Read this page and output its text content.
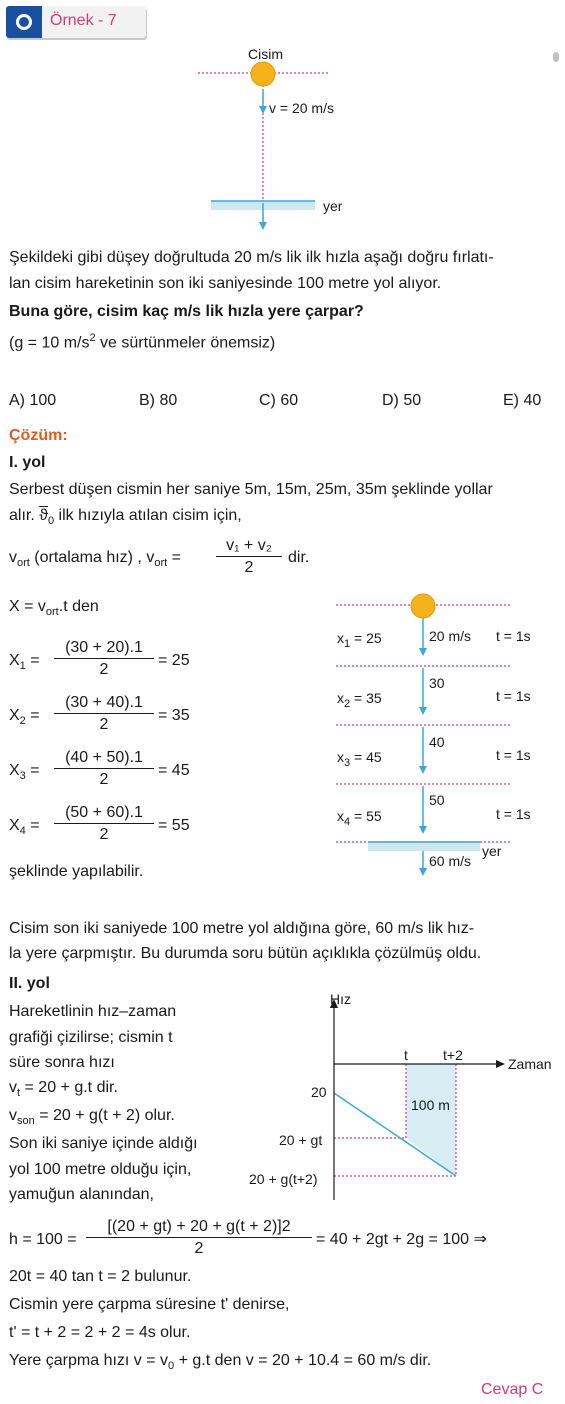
Örnek - 7
Cisim
v = 20 m/s
yer
Şekildeki gibi düşey doğrultuda 20 m/s lik ilk hızla aşağı doğru fırlatı-
lan cisim hareketinin son iki saniyesinde 100 metre yol alıyor.
Buna göre, cisim kaç m/s lik hızla yere çarpar?
(g = 10 $m/s^2$ ve sürtünmeler önemsiz)
A) 100	B) 80	C) 60	D) 50	E) 40
Çözüm:
I. yol
Serbest düşen cismin her saniye 5m, 15m, 25m, 35m şeklinde yollar
alır. $\overline{ϑ}_0$ ilk hızıyla atılan cisim için,
$v_{ort}$ (ortalama hız) , $v_{ort} = \frac{\text{v₁ + v₂}}{2}$ dir.
$X = v_{ort}.t$ den
$X_1 = \frac{(30 + 20).1}{2} = 25$
$X_2 = \frac{(30 + 40).1}{2} = 35$
$X_3 = \frac{(40 + 50).1}{2} = 45$
$X_4 = \frac{(50 + 60).1}{2} = 55$
şeklinde yapılabilir.
$x_1 = 25$	20 m/s t = 1s
$x_2 = 35$
30
t = 1s
$x_3 = 45$
40
t = 1s
$x_4 = 55$
50
t = 1s
yer
60 m/s
Cisim son iki saniyede 100 metre yol aldığına göre, 60 m/s lik hız-
la yere çarpmıştır. Bu durumda soru bütün açıklıkla çözülmüş oldu.
II. yol
Hareketlinin hız–zaman
grafiği çizilirse; cismin t
süre sonra hızı
$v_t = 20 + g.t$ dir.
$v_{son} = 20 + g(t + 2)$ olur.
Son iki saniye içinde aldığı
yol 100 metre olduğu için,
yamuğun alanından,
Hız
Zaman
t	t+2
20
20 + gt
20 + g(t+2)
100 m
$h = 100 = \frac{[(20 + gt) + 20 + g(t + 2)]2}{2} = 40 + 2gt + 2g = 100$ ⇒
20t = 40 tan t = 2 bulunur.
Cismin yere çarpma süresine t' denirse,
t' = t + 2 = 2 + 2 = 4s olur.
Yere çarpma hızı $v = v_0 + g.t$ den v = 20 + 10.4 = 60 m/s dir.
Cevap C
